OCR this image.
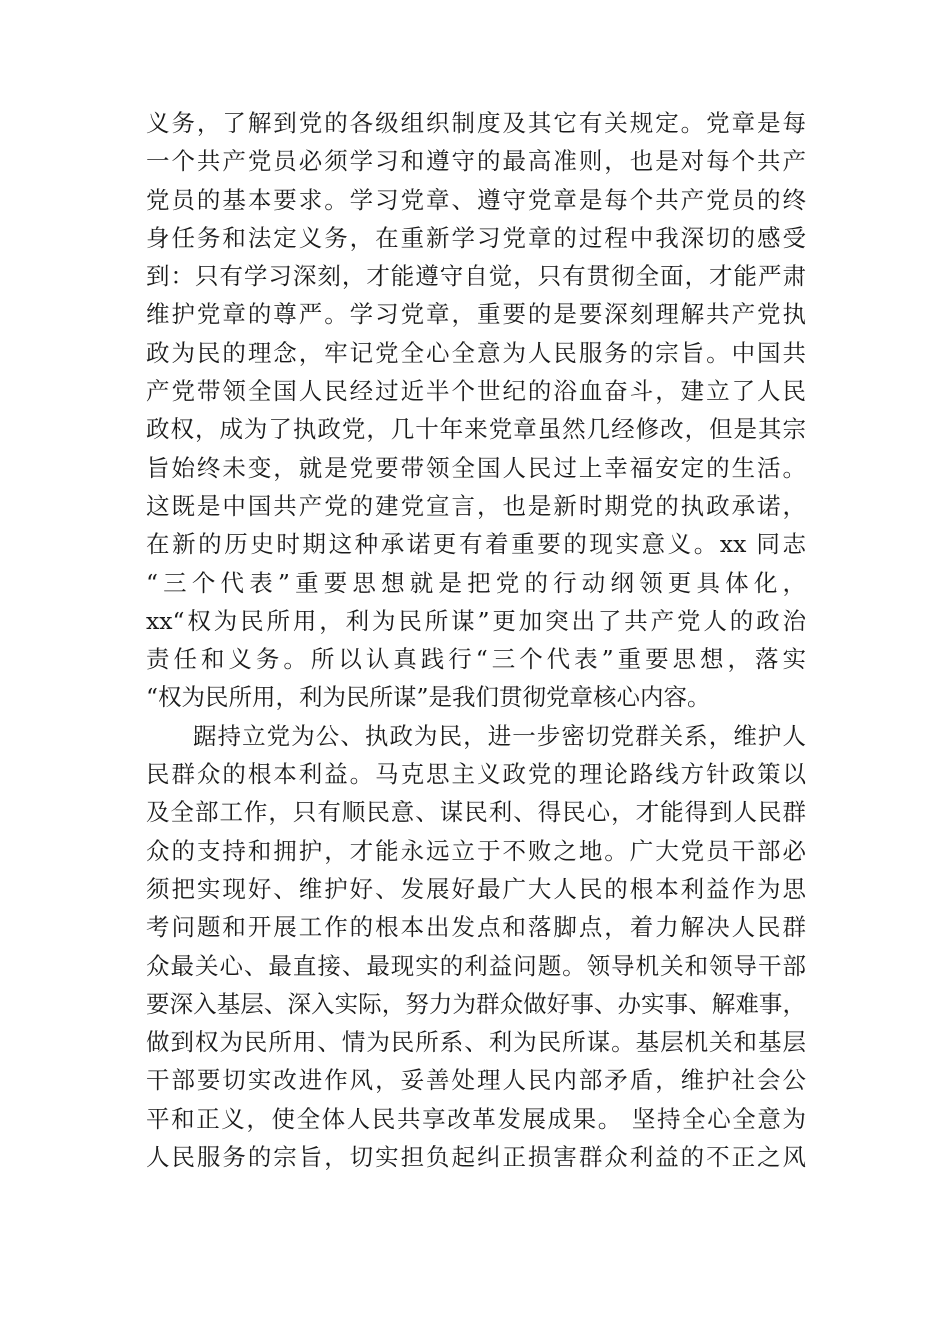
义务，了解到党的各级组织制度及其它有关规定。党章是每
一个共产党员必须学习和遵守的最高准则，也是对每个共产
党员的基本要求。学习党章、遵守党章是每个共产党员的终
身任务和法定义务，在重新学习党章的过程中我深切的感受
到：只有学习深刻，才能遵守自觉，只有贯彻全面，才能严肃
维护党章的尊严。学习党章，重要的是要深刻理解共产党执
政为民的理念，牢记党全心全意为人民服务的宗旨。中国共
产党带领全国人民经过近半个世纪的浴血奋斗，建立了人民
政权，成为了执政党，几十年来党章虽然几经修改，但是其宗
旨始终未变，就是党要带领全国人民过上幸福安定的生活。
这既是中国共产党的建党宣言，也是新时期党的执政承诺，
在新的历史时期这种承诺更有着重要的现实意义。xx 同志
“三个代表”重要思想就是把党的行动纲领更具体化，
xx“权为民所用，利为民所谋”更加突出了共产党人的政治
责任和义务。所以认真践行“三个代表”重要思想，落实
“权为民所用，利为民所谋”是我们贯彻党章核心内容。
踞持立党为公、执政为民，进一步密切党群关系，维护人
民群众的根本利益。马克思主义政党的理论路线方针政策以
及全部工作，只有顺民意、谋民利、得民心，才能得到人民群
众的支持和拥护，才能永远立于不败之地。广大党员干部必
须把实现好、维护好、发展好最广大人民的根本利益作为思
考问题和开展工作的根本出发点和落脚点，着力解决人民群
众最关心、最直接、最现实的利益问题。领导机关和领导干部
要深入基层、深入实际，努力为群众做好事、办实事、解难事，
做到权为民所用、情为民所系、利为民所谋。基层机关和基层
干部要切实改进作风，妥善处理人民内部矛盾，维护社会公
平和正义，使全体人民共享改革发展成果。 坚持全心全意为
人民服务的宗旨，切实担负起纠正损害群众利益的不正之风
